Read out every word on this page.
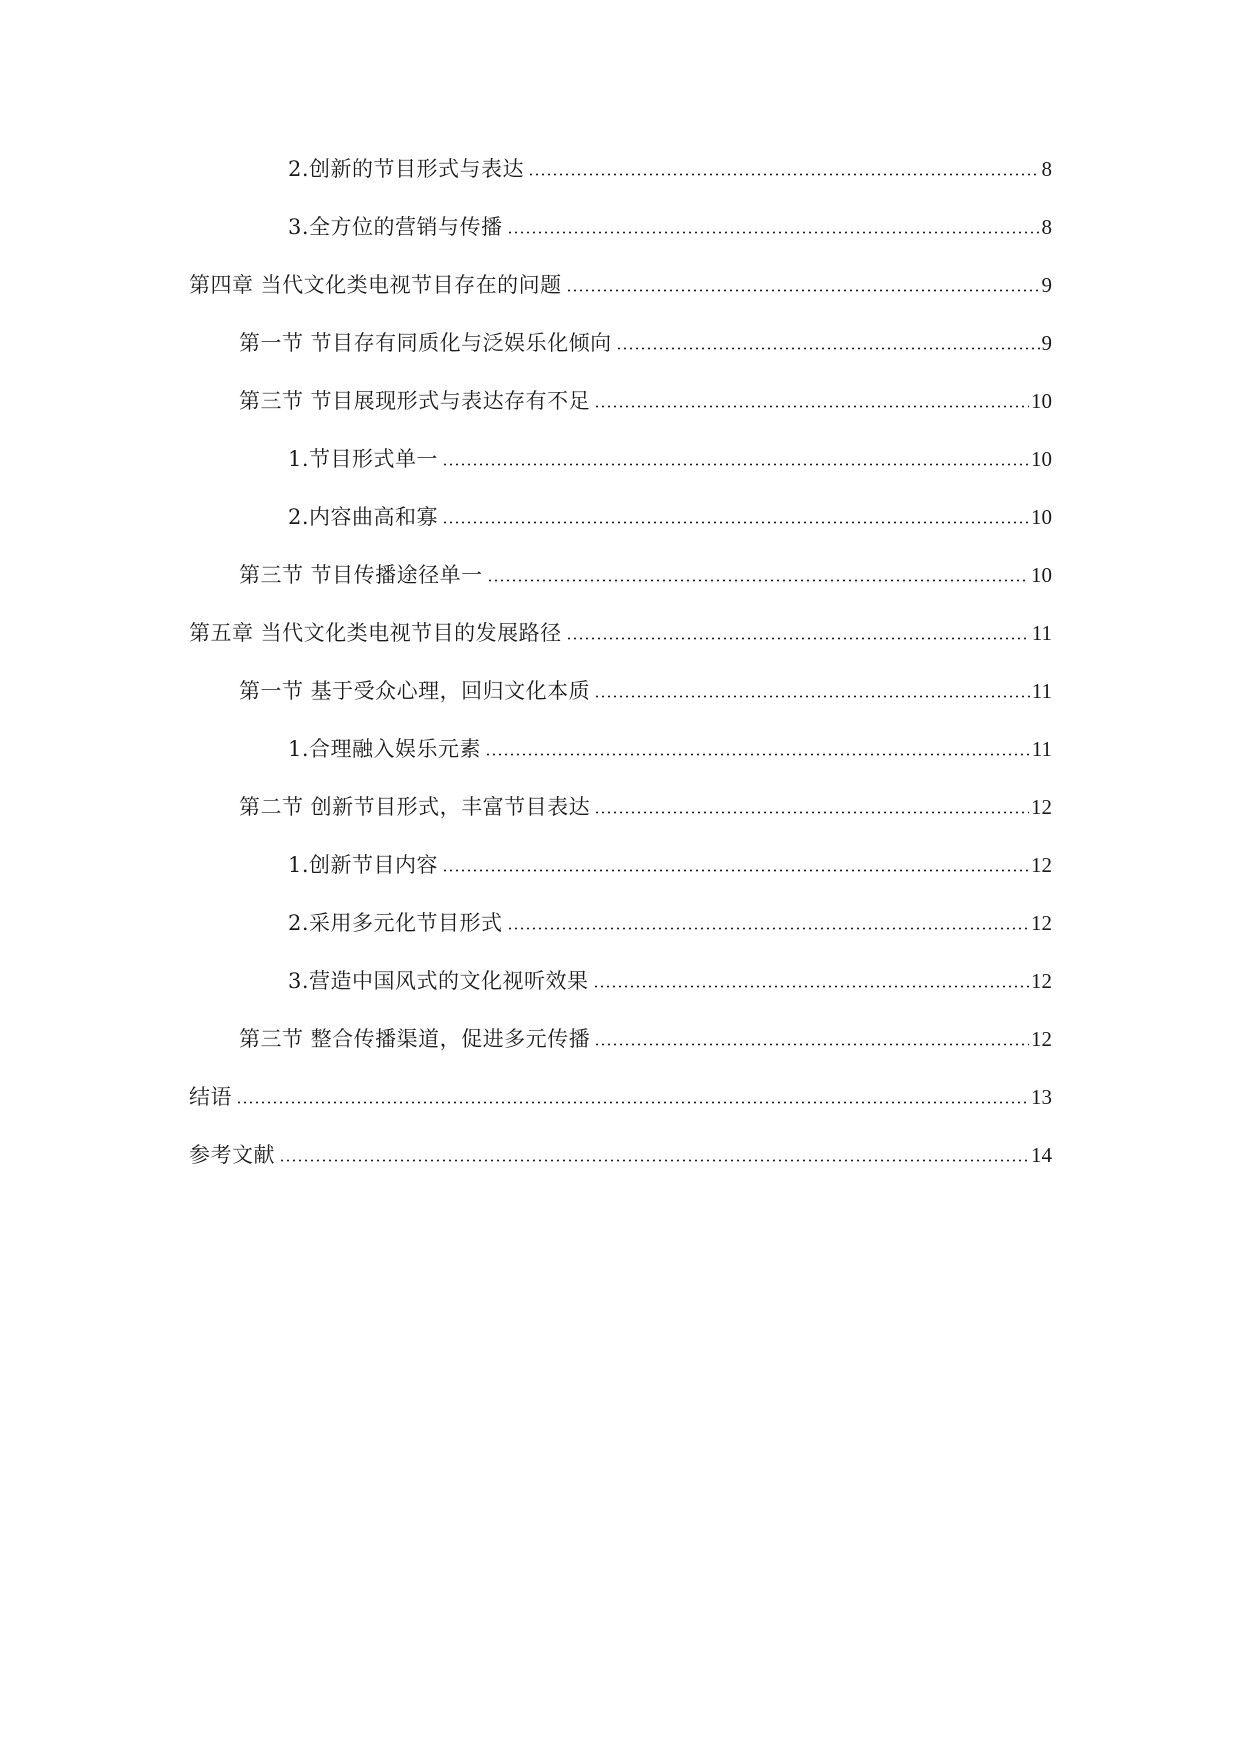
2.创新的节目形式与表达	8
3.全方位的营销与传播	8
第四章 当代文化类电视节目存在的问题	9
第一节 节目存有同质化与泛娱乐化倾向	9
第三节 节目展现形式与表达存有不足	10
1.节目形式单一	10
2.内容曲高和寡	10
第三节 节目传播途径单一	10
第五章 当代文化类电视节目的发展路径	11
第一节 基于受众心理，回归文化本质	11
1.合理融入娱乐元素	11
第二节 创新节目形式，丰富节目表达	12
1.创新节目内容	12
2.采用多元化节目形式	12
3.营造中国风式的文化视听效果	12
第三节 整合传播渠道，促进多元传播	12
结语	13
参考文献	14
